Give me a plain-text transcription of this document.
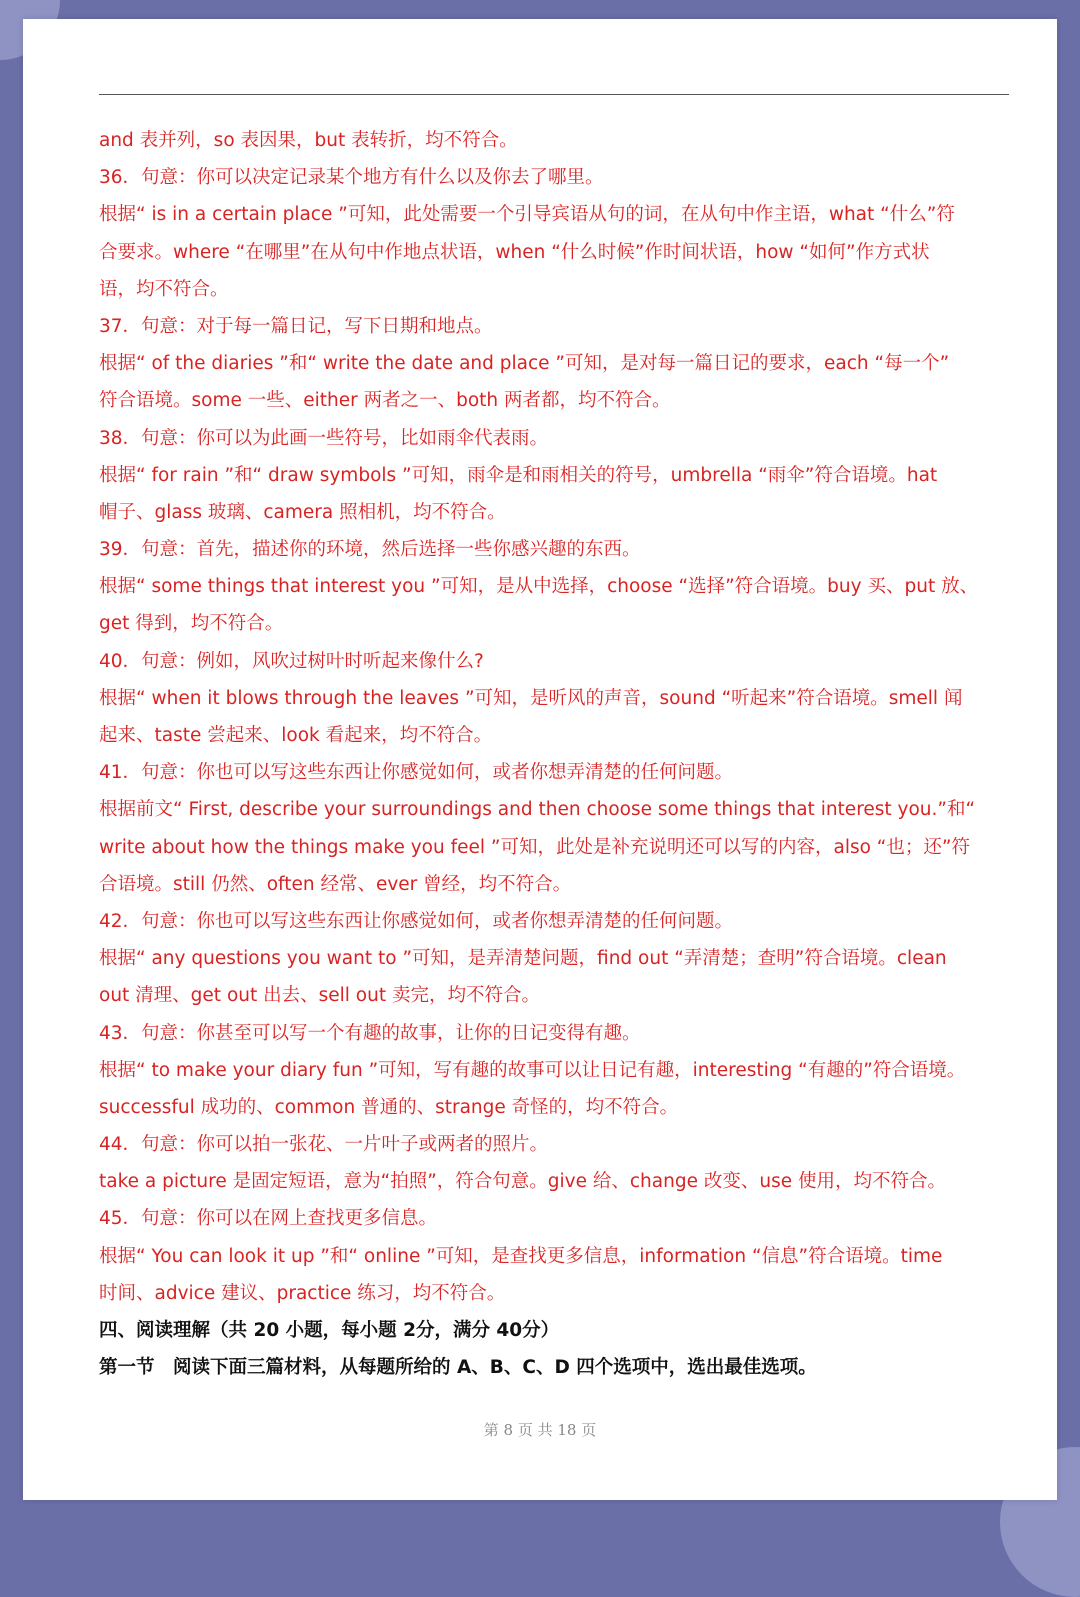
and 表并列，so 表因果，but 表转折，均不符合。
36．句意：你可以决定记录某个地方有什么以及你去了哪里。
根据“ is in a certain place ”可知，此处需要一个引导宾语从句的词，在从句中作主语，what “什么”符
合要求。where “在哪里”在从句中作地点状语，when “什么时候”作时间状语，how “如何”作方式状
语，均不符合。
37．句意：对于每一篇日记，写下日期和地点。
根据“ of the diaries ”和“ write the date and place ”可知，是对每一篇日记的要求，each “每一个”
符合语境。some 一些、either 两者之一、both 两者都，均不符合。
38．句意：你可以为此画一些符号，比如雨伞代表雨。
根据“ for rain ”和“ draw symbols ”可知，雨伞是和雨相关的符号，umbrella “雨伞”符合语境。hat
帽子、glass 玻璃、camera 照相机，均不符合。
39．句意：首先，描述你的环境，然后选择一些你感兴趣的东西。
根据“ some things that interest you ”可知，是从中选择，choose “选择”符合语境。buy 买、put 放、
get 得到，均不符合。
40．句意：例如，风吹过树叶时听起来像什么?
根据“ when it blows through the leaves ”可知，是听风的声音，sound “听起来”符合语境。smell 闻
起来、taste 尝起来、look 看起来，均不符合。
41．句意：你也可以写这些东西让你感觉如何，或者你想弄清楚的任何问题。
根据前文“ First, describe your surroundings and then choose some things that interest you.”和“
write about how the things make you feel ”可知，此处是补充说明还可以写的内容，also “也；还”符
合语境。still 仍然、often 经常、ever 曾经，均不符合。
42．句意：你也可以写这些东西让你感觉如何，或者你想弄清楚的任何问题。
根据“ any questions you want to ”可知，是弄清楚问题，find out “弄清楚；查明”符合语境。clean
out 清理、get out 出去、sell out 卖完，均不符合。
43．句意：你甚至可以写一个有趣的故事，让你的日记变得有趣。
根据“ to make your diary fun ”可知，写有趣的故事可以让日记有趣，interesting “有趣的”符合语境。
successful 成功的、common 普通的、strange 奇怪的，均不符合。
44．句意：你可以拍一张花、一片叶子或两者的照片。
take a picture 是固定短语，意为“拍照”，符合句意。give 给、change 改变、use 使用，均不符合。
45．句意：你可以在网上查找更多信息。
根据“ You can look it up ”和“ online ”可知，是查找更多信息，information “信息”符合语境。time
时间、advice 建议、practice 练习，均不符合。
四、阅读理解（共 20 小题，每小题 2分，满分 40分）
第一节　阅读下面三篇材料，从每题所给的 A、B、C、D 四个选项中，选出最佳选项。
第 8 页 共 18 页
